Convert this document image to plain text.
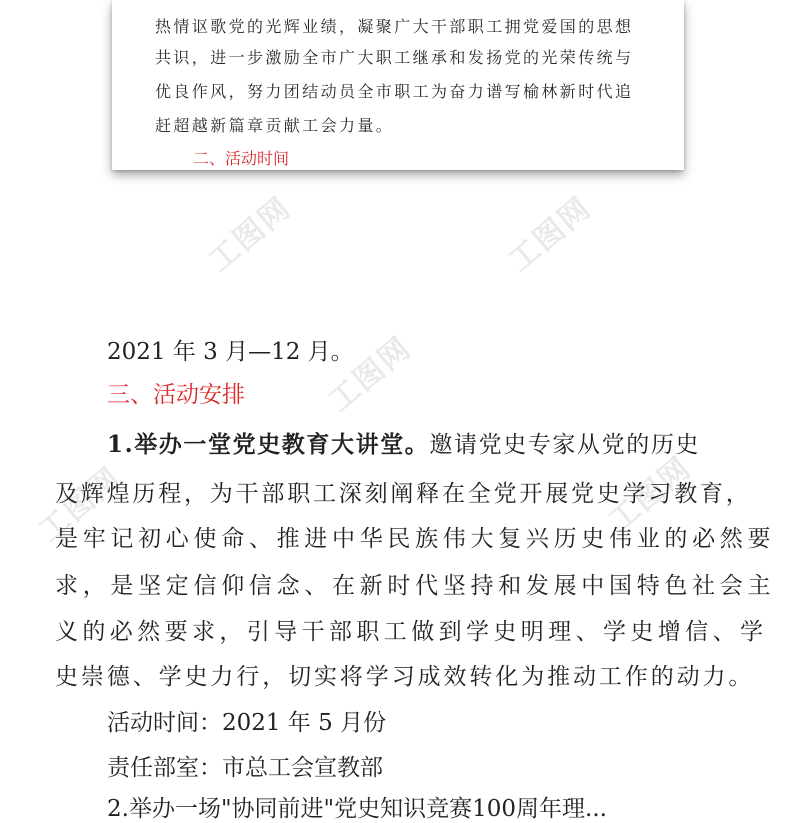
工图网	工图网
工图网
工图网	工图网
热情讴歌党的光辉业绩，凝聚广大干部职工拥党爱国的思想
共识，进一步激励全市广大职工继承和发扬党的光荣传统与
优良作风，努力团结动员全市职工为奋力谱写榆林新时代追
赶超越新篇章贡献工会力量。
二、活动时间
2021 年 3 月—12 月。
三、活动安排
1.举办一堂党史教育大讲堂。邀请党史专家从党的历史
及辉煌历程，为干部职工深刻阐释在全党开展党史学习教育，
是牢记初心使命、推进中华民族伟大复兴历史伟业的必然要
求，是坚定信仰信念、在新时代坚持和发展中国特色社会主
义的必然要求，引导干部职工做到学史明理、学史增信、学
史崇德、学史力行，切实将学习成效转化为推动工作的动力。
活动时间：2021 年 5 月份
责任部室：市总工会宣教部
2.举办一场"协同前进"党史知识竞赛100周年理...
